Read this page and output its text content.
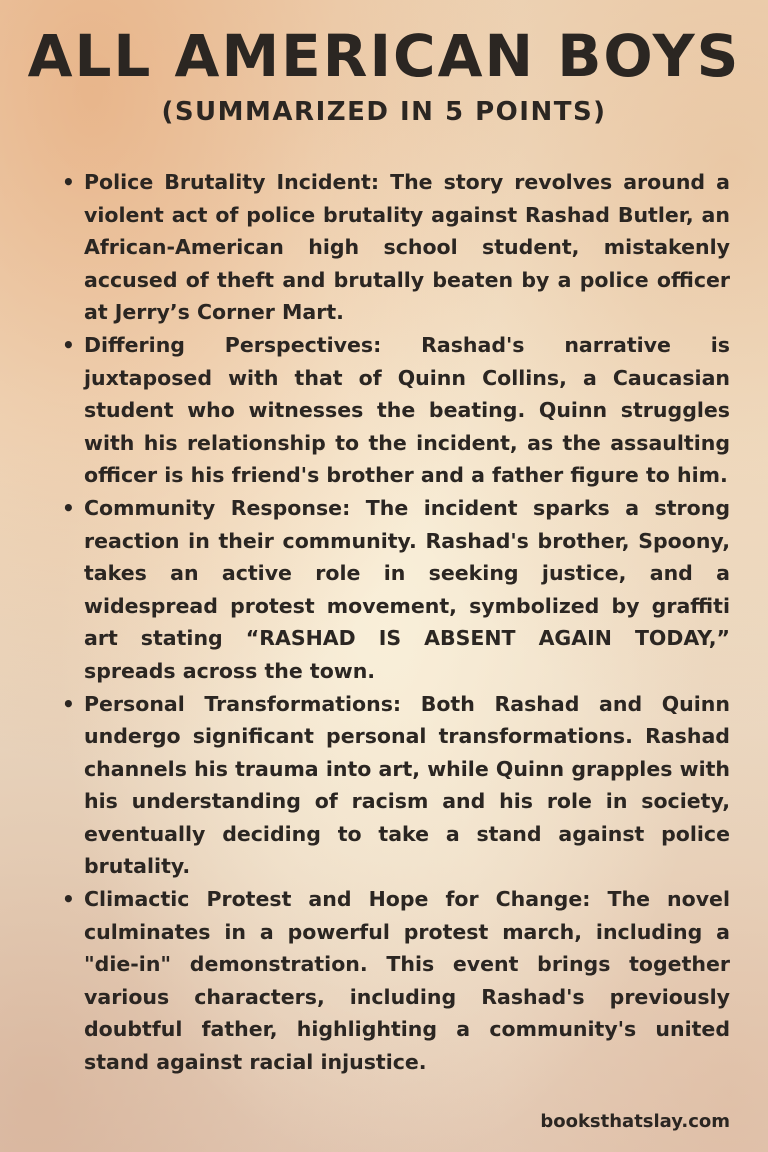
ALL AMERICAN BOYS
(SUMMARIZED IN 5 POINTS)
• Police Brutality Incident: The story revolves around a violent act of police brutality against Rashad Butler, an African-American high school student, mistakenly accused of theft and brutally beaten by a police officer at Jerry’s Corner Mart.
• Differing Perspectives: Rashad's narrative is juxtaposed with that of Quinn Collins, a Caucasian student who witnesses the beating. Quinn struggles with his relationship to the incident, as the assaulting officer is his friend's brother and a father figure to him.
• Community Response: The incident sparks a strong reaction in their community. Rashad's brother, Spoony, takes an active role in seeking justice, and a widespread protest movement, symbolized by graffiti art stating “RASHAD IS ABSENT AGAIN TODAY,” spreads across the town.
• Personal Transformations: Both Rashad and Quinn undergo significant personal transformations. Rashad channels his trauma into art, while Quinn grapples with his understanding of racism and his role in society, eventually deciding to take a stand against police brutality.
• Climactic Protest and Hope for Change: The novel culminates in a powerful protest march, including a "die-in" demonstration. This event brings together various characters, including Rashad's previously doubtful father, highlighting a community's united stand against racial injustice.
booksthatslay.com
